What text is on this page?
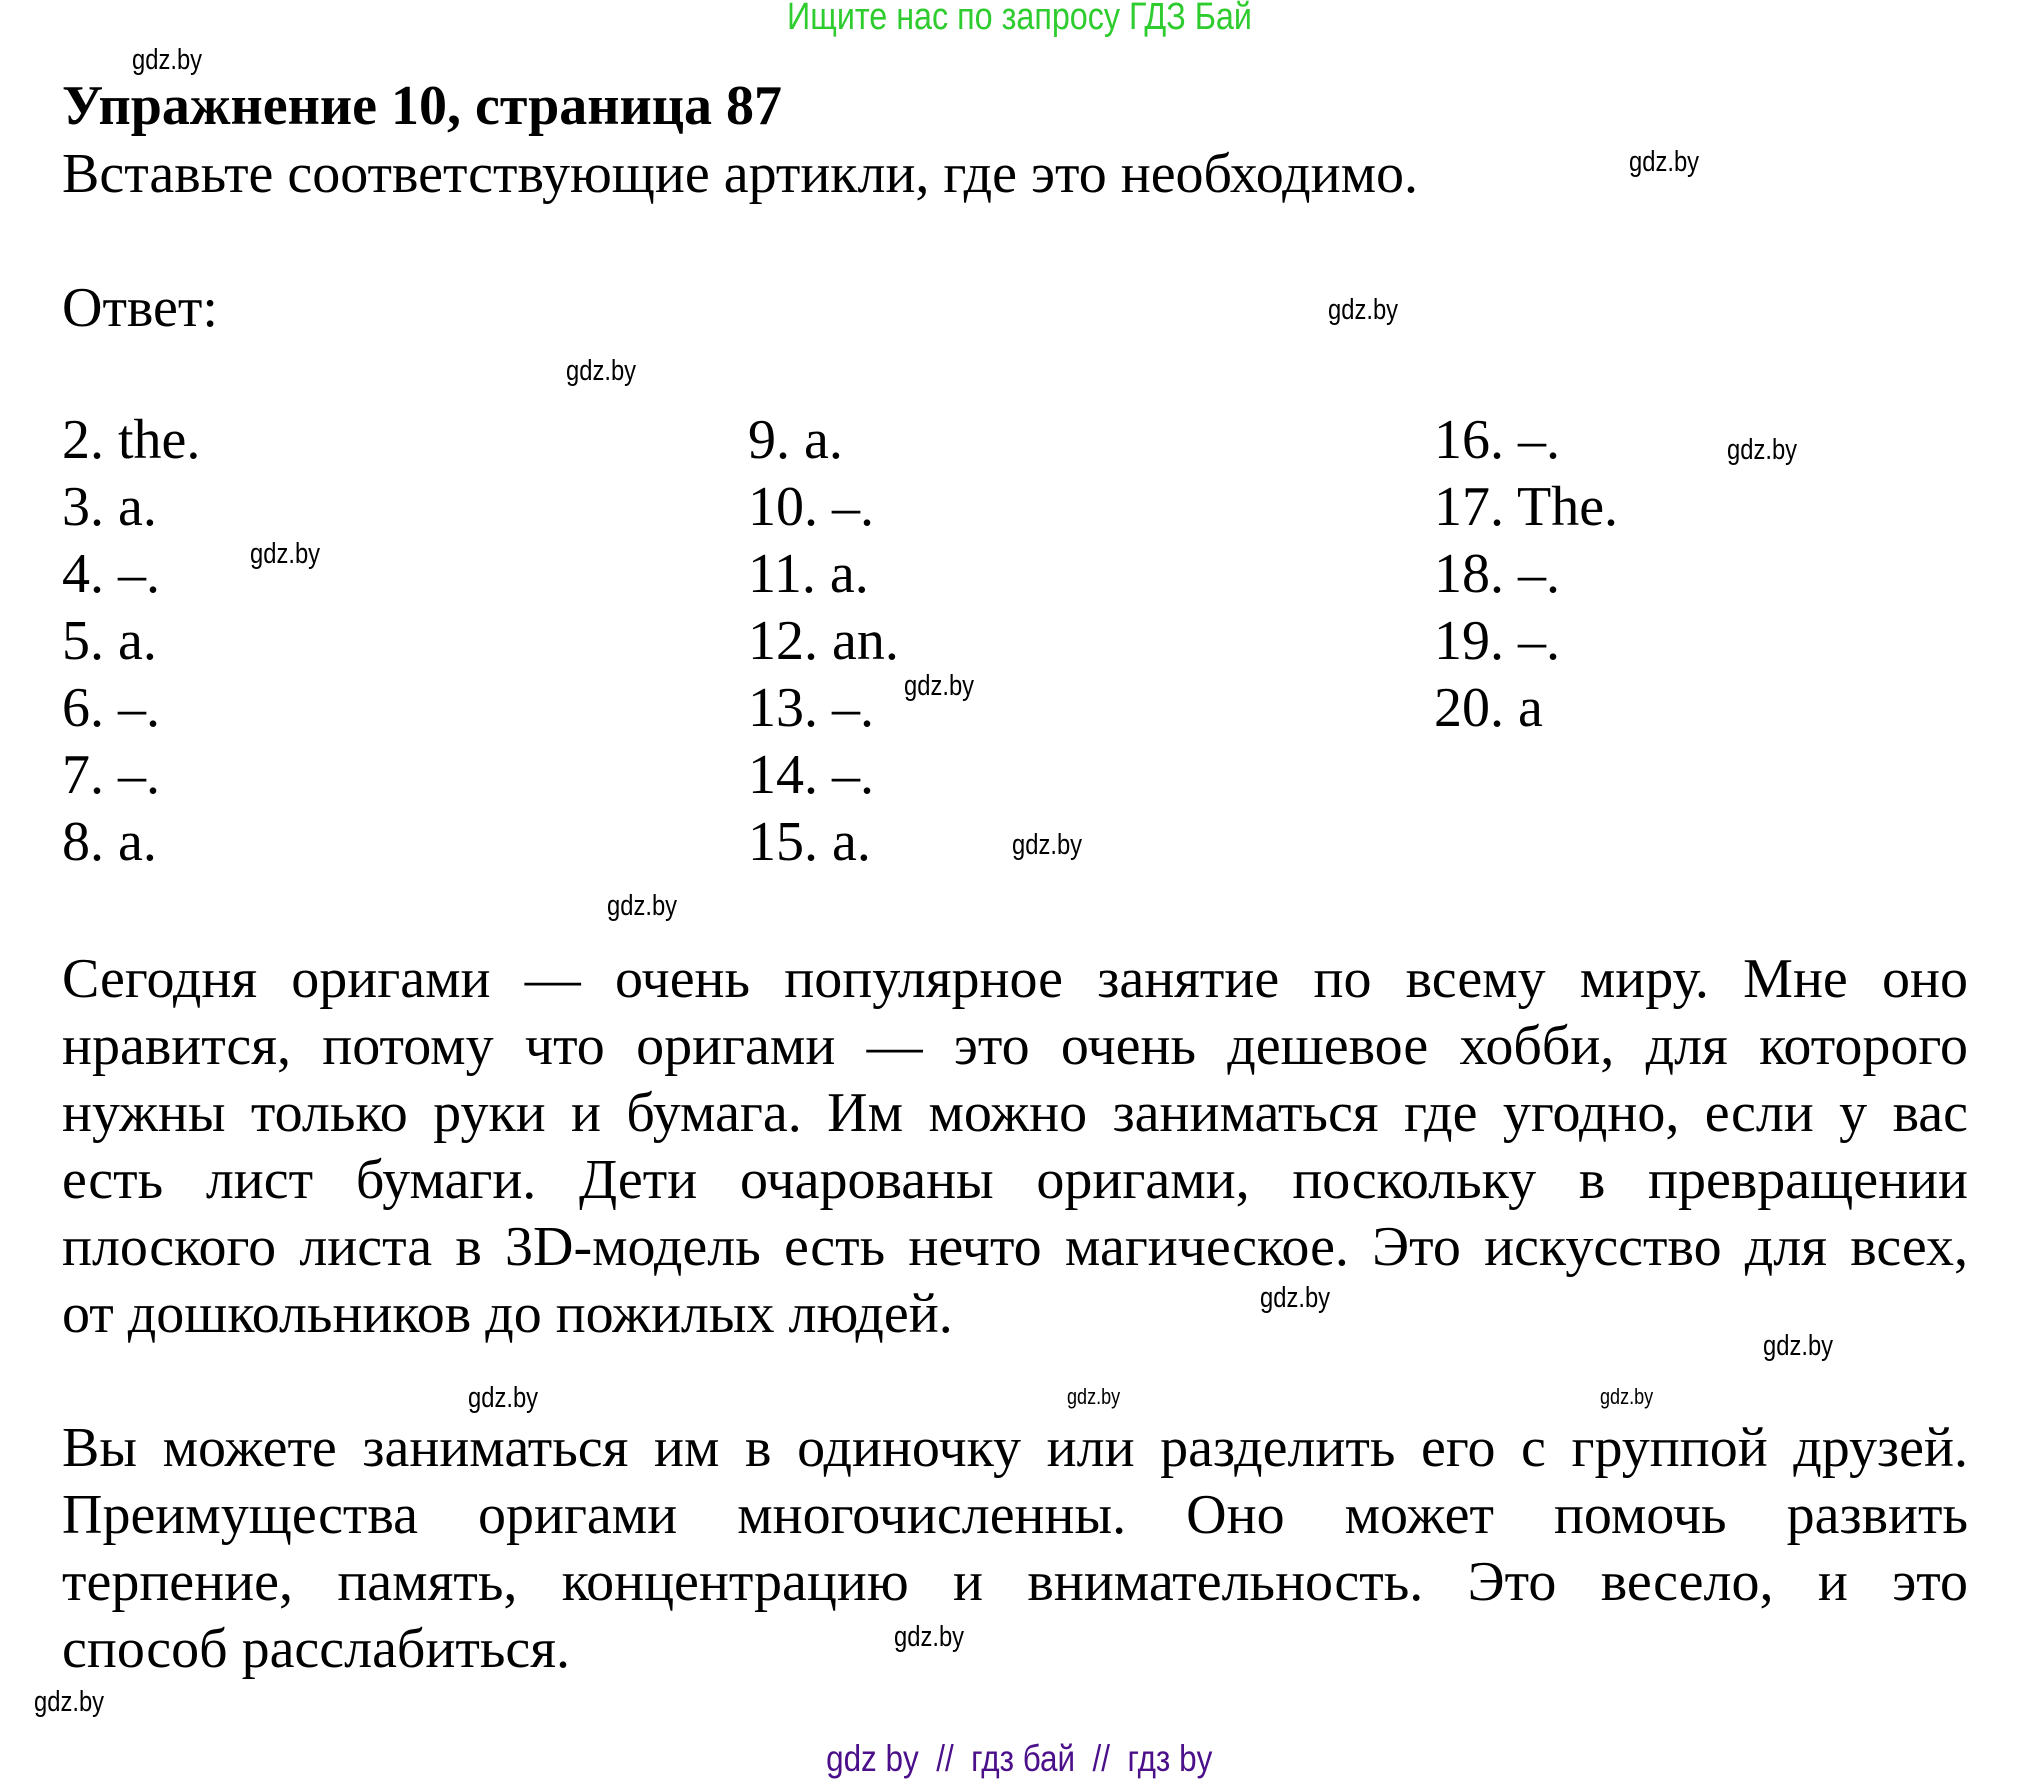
Ищите нас по запросу ГДЗ Бай
Упражнение 10, страница 87
Вставьте соответствующие артикли, где это необходимо.
Ответ:
2. the.
3. a.
4. –.
5. a.
6. –.
7. –.
8. a.
9. a.
10. –.
11. a.
12. an.
13. –.
14. –.
15. a.
16. –.
17. The.
18. –.
19. –.
20. a
Сегодня оригами — очень популярное занятие по всему миру. Мне оно
нравится, потому что оригами — это очень дешевое хобби, для которого
нужны только руки и бумага. Им можно заниматься где угодно, если у вас
есть лист бумаги. Дети очарованы оригами, поскольку в превращении
плоского листа в 3D-модель есть нечто магическое. Это искусство для всех,
от дошкольников до пожилых людей.
Вы можете заниматься им в одиночку или разделить его с группой друзей.
Преимущества оригами многочисленны. Оно может помочь развить
терпение, память, концентрацию и внимательность. Это весело, и это
способ расслабиться.
gdz.by
gdz.by
gdz.by
gdz.by
gdz.by
gdz.by
gdz.by
gdz.by
gdz.by
gdz.by
gdz.by
gdz.by	gdz.by	gdz.by
gdz.by
gdz.by
gdz by  //  гдз бай  //  гдз by
